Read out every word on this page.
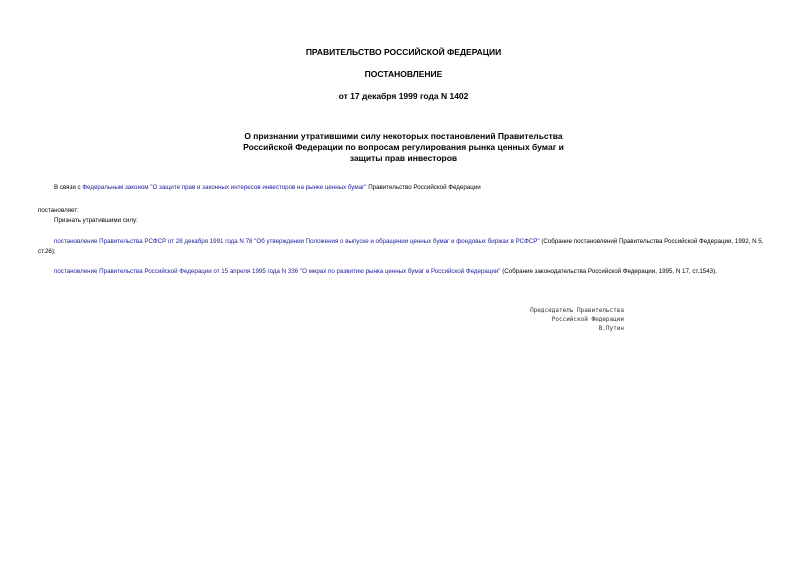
ПРАВИТЕЛЬСТВО РОССИЙСКОЙ ФЕДЕРАЦИИ
ПОСТАНОВЛЕНИЕ
от 17 декабря 1999 года N 1402
О признании утратившими силу некоторых постановлений Правительства
Российской Федерации по вопросам регулирования рынка ценных бумаг и
защиты прав инвесторов
В связи с Федеральным законом "О защите прав и законных интересов инвесторов на рынке ценных бумаг" Правительство Российской Федерации
постановляет:
Признать утратившими силу:
постановление Правительства РСФСР от 28 декабря 1991 года N 78 "Об утверждении Положения о выпуске и обращении ценных бумаг и фондовых биржах в РСФСР" (Собрание постановлений Правительства Российской Федерации, 1992, N 5, ст.26);
постановление Правительства Российской Федерации от 15 апреля 1995 года N 336 "О мерах по развитию рынка ценных бумаг в Российской Федерации" (Собрание законодательства Российской Федерации, 1995, N 17, ст.1543).
Председатель Правительства
Российской Федерации
В.Путин
